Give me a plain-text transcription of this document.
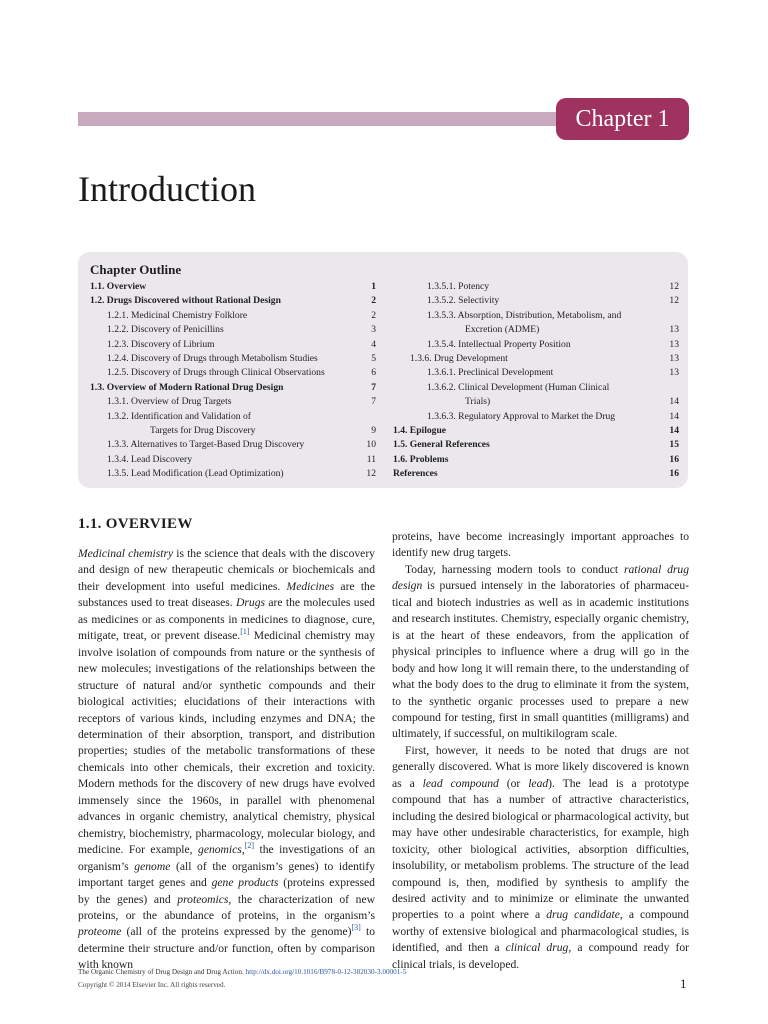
Chapter 1
Introduction
Chapter Outline
1.1. Overview	1
1.2. Drugs Discovered without Rational Design	2
1.2.1. Medicinal Chemistry Folklore	2
1.2.2. Discovery of Penicillins	3
1.2.3. Discovery of Librium	4
1.2.4. Discovery of Drugs through Metabolism Studies	5
1.2.5. Discovery of Drugs through Clinical Observations	6
1.3. Overview of Modern Rational Drug Design	7
1.3.1. Overview of Drug Targets	7
1.3.2. Identification and Validation of
Targets for Drug Discovery	9
1.3.3. Alternatives to Target-Based Drug Discovery	10
1.3.4. Lead Discovery	11
1.3.5. Lead Modification (Lead Optimization)	12
1.3.5.1. Potency	12
1.3.5.2. Selectivity	12
1.3.5.3. Absorption, Distribution, Metabolism, and
Excretion (ADME)	13
1.3.5.4. Intellectual Property Position	13
1.3.6. Drug Development	13
1.3.6.1. Preclinical Development	13
1.3.6.2. Clinical Development (Human Clinical
Trials)	14
1.3.6.3. Regulatory Approval to Market the Drug	14
1.4. Epilogue	14
1.5. General References	15
1.6. Problems	16
References	16
1.1. OVERVIEW

Medicinal chemistry is the science that deals with the discovery and design of new therapeutic chemicals or biochemicals and their development into useful medicines. Medicines are the substances used to treat diseases. Drugs are the molecules used as medicines or as components in medicines to diagnose, cure, mitigate, treat, or prevent disease.[1] Medicinal chemistry may involve isolation of compounds from nature or the synthesis of new molecules; investigations of the relationships between the structure of natural and/or synthetic compounds and their biological activities; elucidations of their interactions with receptors of various kinds, including enzymes and DNA; the determination of their absorption, transport, and distribution properties; studies of the metabolic transformations of these chemicals into other chemicals, their excretion and toxicity. Modern methods for the discovery of new drugs have evolved immensely since the 1960s, in parallel with phenomenal advances in organic chemistry, analytical chemistry, physical chemistry, biochemistry, pharmacology, molecular biology, and medicine. For example, genomics,[2] the investigations of an organism’s genome (all of the organism’s genes) to identify important target genes and gene products (proteins expressed by the genes) and proteomics, the characterization of new proteins, or the abundance of proteins, in the organism’s proteome (all of the proteins expressed by the genome)[3] to determine their structure and/or function, often by comparison with known

proteins, have become increasingly important approaches to identify new drug targets.

Today, harnessing modern tools to conduct rational drug design is pursued intensely in the laboratories of pharmaceutical and biotech industries as well as in academic institutions and research institutes. Chemistry, especially organic chemistry, is at the heart of these endeavors, from the application of physical principles to influence where a drug will go in the body and how long it will remain there, to the understanding of what the body does to the drug to eliminate it from the system, to the synthetic organic processes used to prepare a new compound for testing, first in small quantities (milligrams) and ultimately, if successful, on multikilogram scale.

First, however, it needs to be noted that drugs are not generally discovered. What is more likely discovered is known as a lead compound (or lead). The lead is a prototype compound that has a number of attractive characteristics, including the desired biological or pharmacological activity, but may have other undesirable characteristics, for example, high toxicity, other biological activities, absorption difficulties, insolubility, or metabolism problems. The structure of the lead compound is, then, modified by synthesis to amplify the desired activity and to minimize or eliminate the unwanted properties to a point where a drug candidate, a compound worthy of extensive biological and pharmacological studies, is identified, and then a clinical drug, a compound ready for clinical trials, is developed.

The Organic Chemistry of Drug Design and Drug Action. http://dx.doi.org/10.1016/B978-0-12-382030-3.00001-5
Copyright © 2014 Elsevier Inc. All rights reserved.	1
